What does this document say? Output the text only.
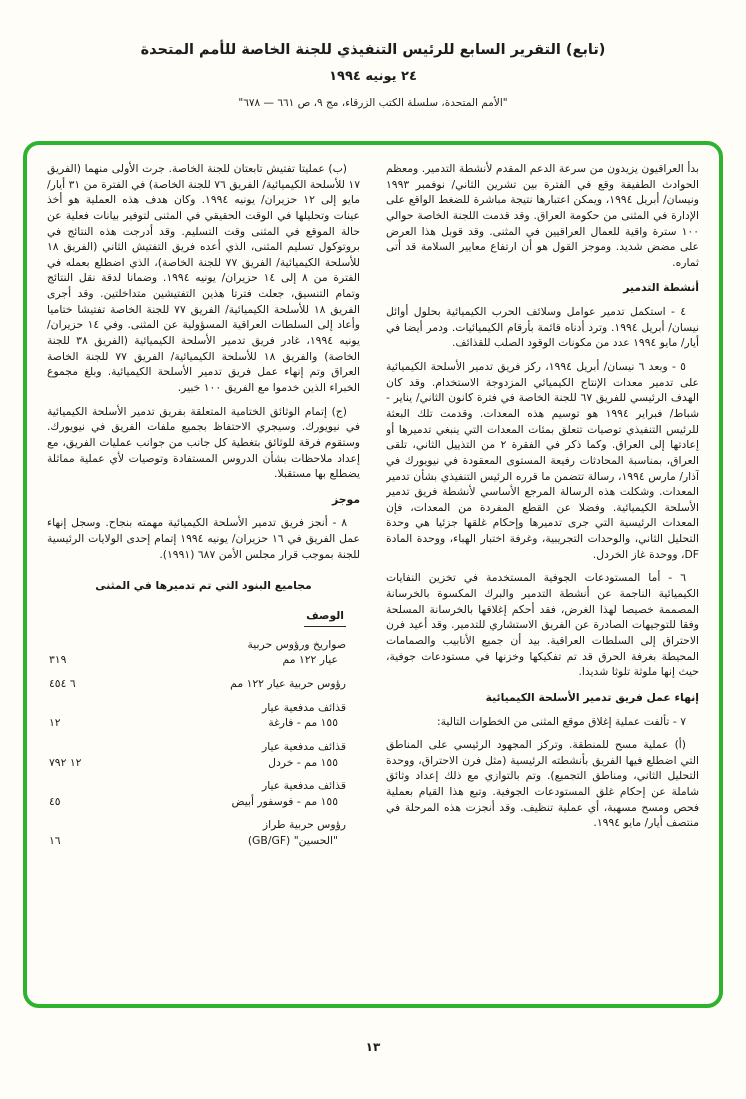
(تابع) التقرير السابع للرئيس التنفيذي للجنة الخاصة للأمم المتحدة
٢٤ يونيه ١٩٩٤
"الأمم المتحدة، سلسلة الكتب الزرقاء، مج ٩، ص ٦٦١ — ٦٧٨"

بدأ العراقيون يزيدون من سرعة الدعم المقدم لأنشطة التدمير. ومعظم الحوادث الطفيفة وقع في الفترة بين تشرين الثاني/ نوفمبر ١٩٩٣ ونيسان/ أبريل ١٩٩٤، ويمكن اعتبارها نتيجة مباشرة للضغط الواقع على الإدارة في المثنى من حكومة العراق. وقد قدمت اللجنة الخاصة حوالي ١٠٠ سترة واقية للعمال العراقيين في المثنى. وقد قوبل هذا العرض على مضض شديد. وموجز القول هو أن ارتفاع معايير السلامة قد أتى ثماره.

أنشطة التدمير

٤ - استكمل تدمير عوامل وسلائف الحرب الكيميائية بحلول أوائل نيسان/ أبريل ١٩٩٤. وترد أدناه قائمة بأرقام الكيميائيات. ودمر أيضا في أيار/ مايو ١٩٩٤ عدد من مكونات الوقود الصلب للقذائف.

٥ - وبعد ٦ نيسان/ أبريل ١٩٩٤، ركز فريق تدمير الأسلحة الكيميائية على تدمير معدات الإنتاج الكيميائي المزدوجة الاستخدام. وقد كان الهدف الرئيسي للفريق ٦٧ للجنة الخاصة في فترة كانون الثاني/ يناير - شباط/ فبراير ١٩٩٤ هو توسيم هذه المعدات. وقدمت تلك البعثة للرئيس التنفيذي توصيات تتعلق بمئات المعدات التي ينبغي تدميرها أو إعادتها إلى العراق. وكما ذكر في الفقرة ٢ من التذييل الثاني، تلقى العراق، بمناسبة المحادثات رفيعة المستوى المعقودة في نيويورك في آذار/ مارس ١٩٩٤، رسالة تتضمن ما قرره الرئيس التنفيذي بشأن تدمير المعدات. وشكلت هذه الرسالة المرجع الأساسي لأنشطة فريق تدمير الأسلحة الكيميائية. وفضلا عن القطع المفردة من المعدات، فإن المعدات الرئيسية التي جرى تدميرها وإحكام غلقها جزئيا هي وحدة التحليل الثاني، والوحدات التجريبية، وغرفة اختبار الهباء، ووحدة المادة DF، ووحدة غاز الخردل.

٦ - أما المستودعات الجوفية المستخدمة في تخزين النفايات الكيميائية الناجمة عن أنشطة التدمير والبرك المكسوة بالخرسانة المصممة خصيصا لهذا الغرض، فقد أحكم إغلاقها بالخرسانة المسلحة وفقا للتوجيهات الصادرة عن الفريق الاستشاري للتدمير. وقد أعيد فرن الاحتراق إلى السلطات العراقية. بيد أن جميع الأنابيب والصمامات المحيطة بغرفة الحرق قد تم تفكيكها وخزنها في مستودعات جوفية، حيث إنها ملوثة تلوثا شديدا.

إنهاء عمل فريق تدمير الأسلحة الكيميائية

٧ - تألفت عملية إغلاق موقع المثنى من الخطوات التالية:

(أ) عملية مسح للمنطقة. وتركز المجهود الرئيسي على المناطق التي اضطلع فيها الفريق بأنشطته الرئيسية (مثل فرن الاحتراق، ووحدة التحليل الثاني، ومناطق التجميع). وتم بالتوازي مع ذلك إعداد وثائق شاملة عن إحكام غلق المستودعات الجوفية. وتبع هذا القيام بعملية فحص ومسح مسهبة، أي عملية تنظيف. وقد أنجزت هذه المرحلة في منتصف أيار/ مايو ١٩٩٤.

(ب) عمليتا تفتيش تابعتان للجنة الخاصة. جرت الأولى منهما (الفريق ١٧ للأسلحة الكيميائية/ الفريق ٧٦ للجنة الخاصة) في الفترة من ٣١ أيار/ مايو إلى ١٢ حزيران/ يونيه ١٩٩٤. وكان هدف هذه العملية هو أخذ عينات وتحليلها في الوقت الحقيقي في المثنى لتوفير بيانات فعلية عن حالة الموقع في المثنى وقت التسليم. وقد أدرجت هذه النتائج في بروتوكول تسليم المثنى، الذي أعده فريق التفتيش الثاني (الفريق ١٨ للأسلحة الكيميائية/ الفريق ٧٧ للجنة الخاصة)، الذي اضطلع بعمله في الفترة من ٨ إلى ١٤ حزيران/ يونيه ١٩٩٤. وضمانا لدقة نقل النتائج وتمام التنسيق، جعلت فترتا هذين التفتيشين متداخلتين. وقد أجرى الفريق ١٨ للأسلحة الكيميائية/ الفريق ٧٧ للجنة الخاصة تفتيشا ختاميا وأعاد إلى السلطات العراقية المسؤولية عن المثنى. وفي ١٤ حزيران/ يونيه ١٩٩٤، غادر فريق تدمير الأسلحة الكيميائية (الفريق ٣٨ للجنة الخاصة) والفريق ١٨ للأسلحة الكيميائية/ الفريق ٧٧ للجنة الخاصة العراق وتم إنهاء عمل فريق تدمير الأسلحة الكيميائية. وبلغ مجموع الخبراء الذين خدموا مع الفريق ١٠٠ خبير.

(ج) إتمام الوثائق الختامية المتعلقة بفريق تدمير الأسلحة الكيميائية في نيويورك. وسيجري الاحتفاظ بجميع ملفات الفريق في نيويورك. وستقوم فرقة للوثائق بتغطية كل جانب من جوانب عمليات الفريق، مع إعداد ملاحظات بشأن الدروس المستفادة وتوصيات لأي عملية مماثلة يضطلع بها مستقبلا.

موجز

٨ - أنجز فريق تدمير الأسلحة الكيميائية مهمته بنجاح. وسجل إنهاء عمل الفريق في ١٦ حزيران/ يونيه ١٩٩٤ إتمام إحدى الولايات الرئيسية للجنة بموجب قرار مجلس الأمن ٦٨٧ (١٩٩١).

مجاميع البنود التي تم تدميرها في المثنى
الوصف
صواريخ ورؤوس حربية
عيار ١٢٢ مم
٣١٩
رؤوس حربية عيار ١٢٢ مم
٦ ٤٥٤
قذائف مدفعية عيار
١٥٥ مم - فارغة
١٢
قذائف مدفعية عيار
١٥٥ مم - خردل
١٢ ٧٩٢
قذائف مدفعية عيار
١٥٥ مم - فوسفور أبيض
٤٥
رؤوس حربية طراز
"الحسين" (GB/GF)
١٦
١٣
